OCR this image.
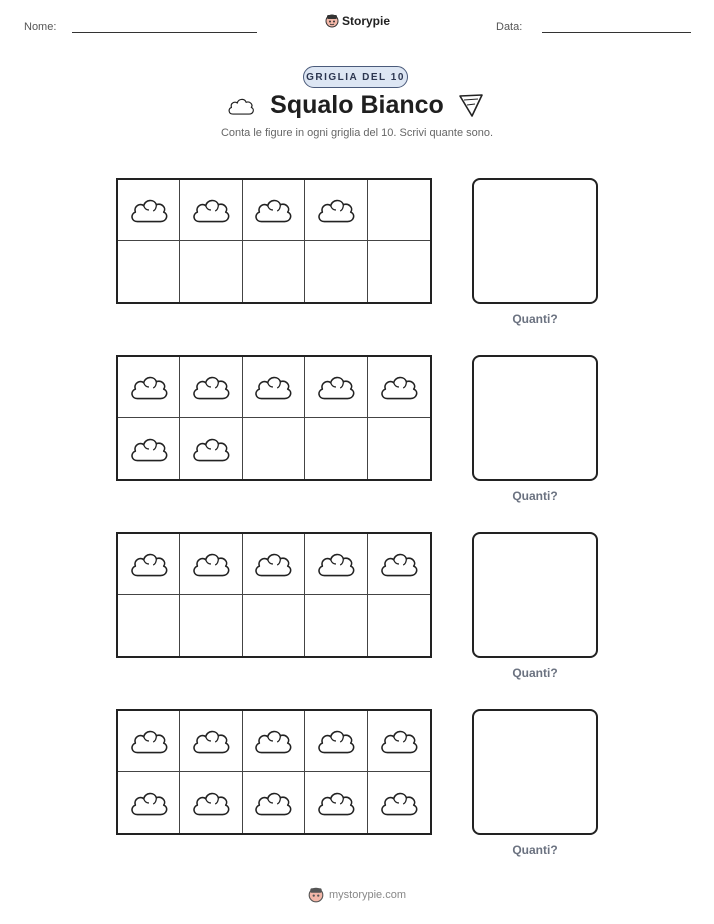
Nome:	Storypie	Data:
GRIGLIA DEL 10
Squalo Bianco
Conta le figure in ogni griglia del 10. Scrivi quante sono.
Quanti?
Quanti?
Quanti?
Quanti?
mystorypie.com
